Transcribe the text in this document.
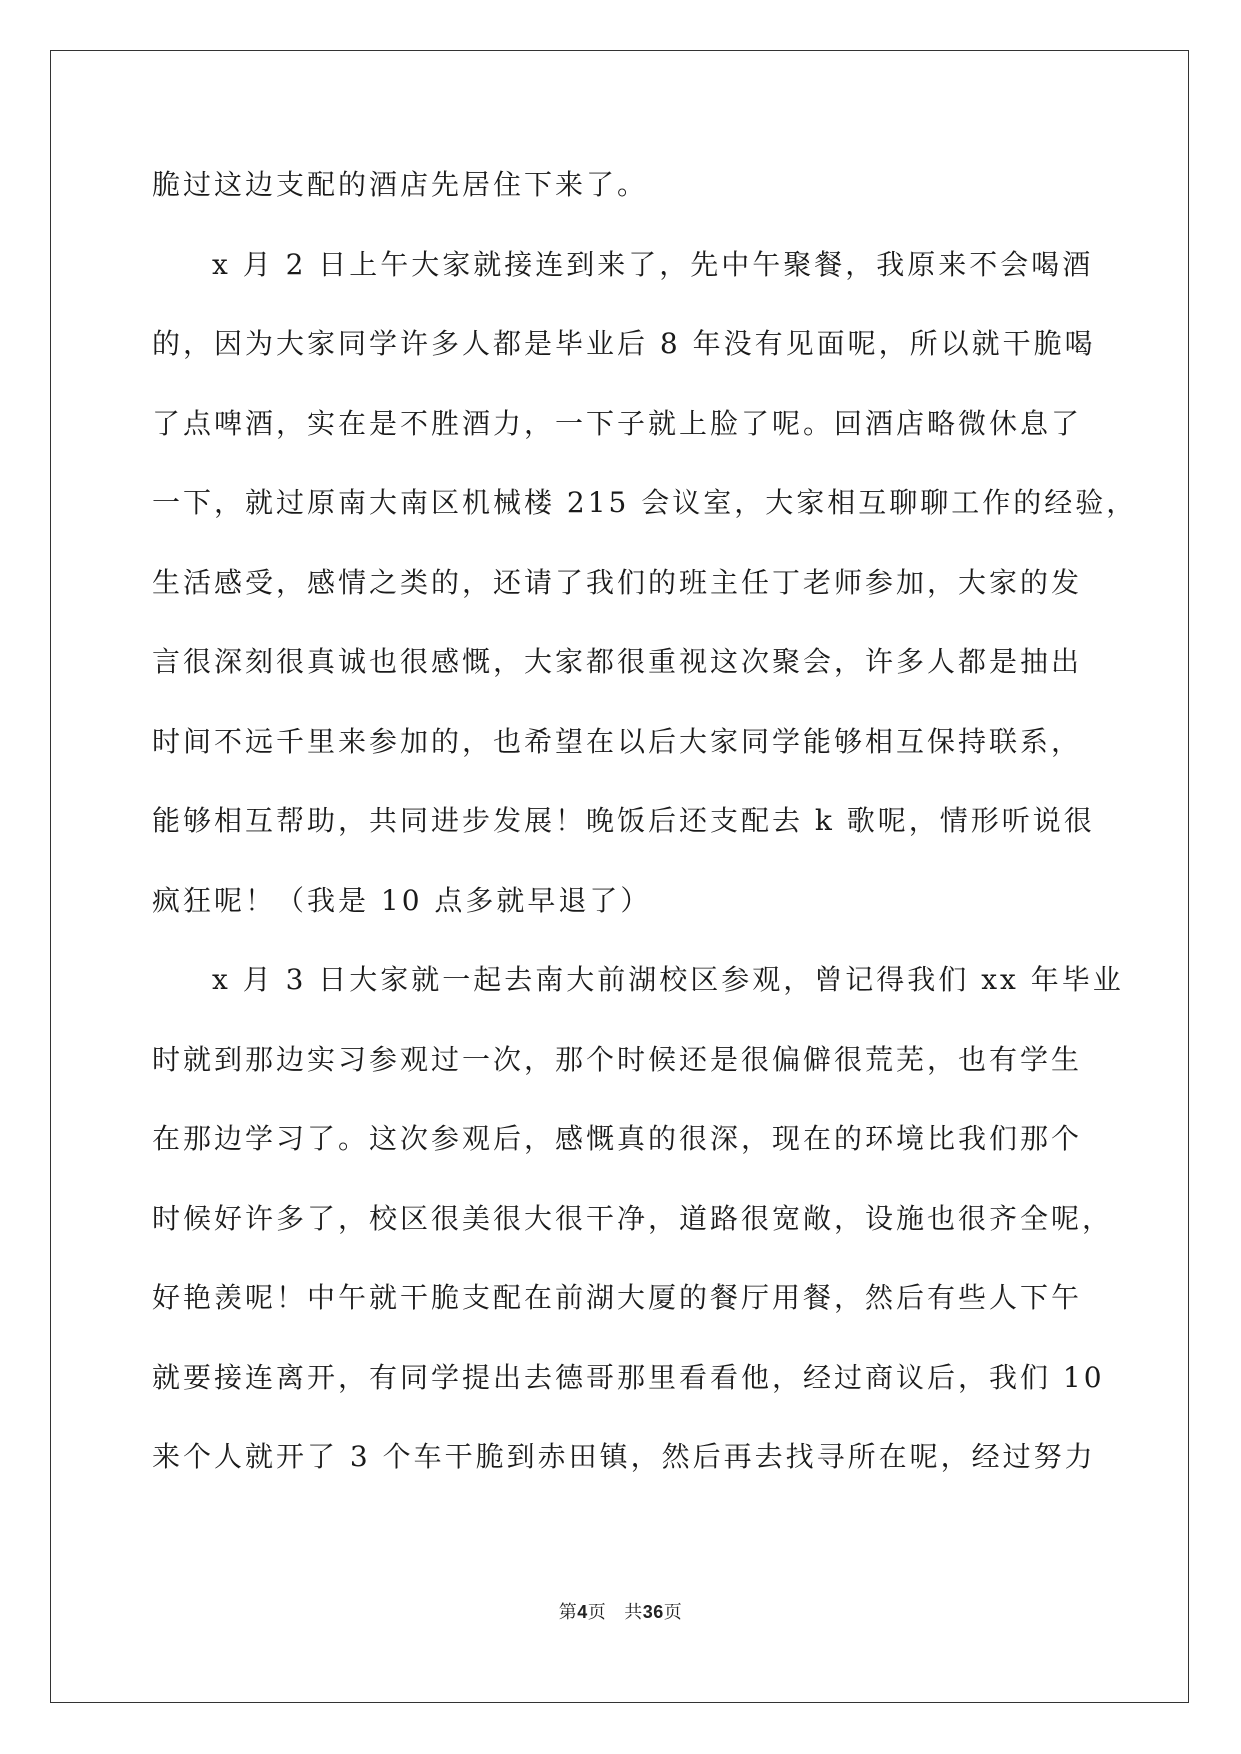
脆过这边支配的酒店先居住下来了。
x 月 2 日上午大家就接连到来了，先中午聚餐，我原来不会喝酒
的，因为大家同学许多人都是毕业后 8 年没有见面呢，所以就干脆喝
了点啤酒，实在是不胜酒力，一下子就上脸了呢。回酒店略微休息了
一下，就过原南大南区机械楼 215 会议室，大家相互聊聊工作的经验，
生活感受，感情之类的，还请了我们的班主任丁老师参加，大家的发
言很深刻很真诚也很感慨，大家都很重视这次聚会，许多人都是抽出
时间不远千里来参加的，也希望在以后大家同学能够相互保持联系，
能够相互帮助，共同进步发展！晚饭后还支配去 k 歌呢，情形听说很
疯狂呢！（我是 10 点多就早退了）
x 月 3 日大家就一起去南大前湖校区参观，曾记得我们 xx 年毕业
时就到那边实习参观过一次，那个时候还是很偏僻很荒芜，也有学生
在那边学习了。这次参观后，感慨真的很深，现在的环境比我们那个
时候好许多了，校区很美很大很干净，道路很宽敞，设施也很齐全呢，
好艳羡呢！中午就干脆支配在前湖大厦的餐厅用餐，然后有些人下午
就要接连离开，有同学提出去德哥那里看看他，经过商议后，我们 10
来个人就开了 3 个车干脆到赤田镇，然后再去找寻所在呢，经过努力
第4页 共36页
